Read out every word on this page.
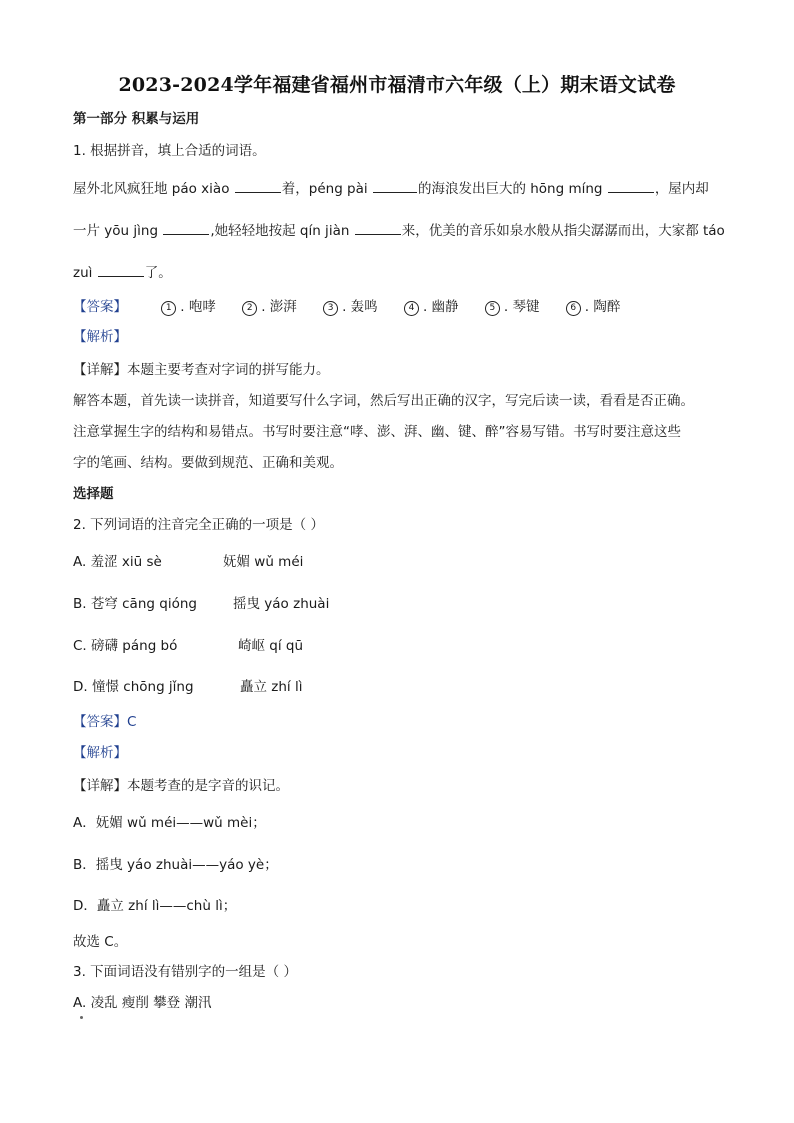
2023-2024学年福建省福州市福清市六年级（上）期末语文试卷
第一部分 积累与运用
1. 根据拼音，填上合适的词语。
屋外北风疯狂地 páo xiào	着，péng pài	的海浪发出巨大的 hōng míng	，屋内却
一片 yōu jìng	,她轻轻地按起 qín jiàn	来，优美的音乐如泉水般从指尖潺潺而出，大家都 táo
zuì	了。
【答案】	1 . 咆哮	2 . 澎湃	3 . 轰鸣	4 . 幽静	5 . 琴键	6 . 陶醉
【解析】
【详解】本题主要考查对字词的拼写能力。
解答本题，首先读一读拼音，知道要写什么字词，然后写出正确的汉字，写完后读一读，看看是否正确。
注意掌握生字的结构和易错点。书写时要注意“哮、澎、湃、幽、键、醉”容易写错。书写时要注意这些
字的笔画、结构。要做到规范、正确和美观。
选择题
2. 下列词语的注音完全正确的一项是（ ）
A. 羞涩 xiū sè	妩媚 wǔ méi
B. 苍穹 cāng qióng	摇曳 yáo zhuài
C. 磅礴 páng bó	崎岖 qí qū
D. 憧憬 chōng jǐng	矗立 zhí lì
【答案】C
【解析】
【详解】本题考查的是字音的识记。
A．妩媚 wǔ méi——wǔ mèi；
B．摇曳 yáo zhuài——yáo yè；
D．矗立 zhí lì——chù lì；
故选 C。
3. 下面词语没有错别字的一组是（ ）
A. 凌乱 瘦削 攀登 潮汛
